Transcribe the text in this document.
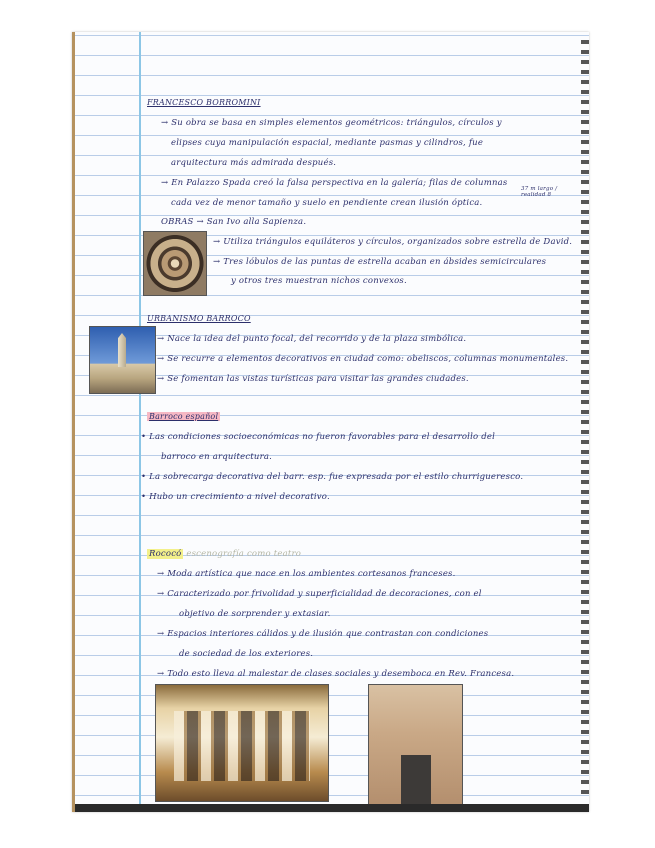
FRANCESCO BORROMINI
→ Su obra se basa en simples elementos geométricos: triángulos, círculos y
elipses cuya manipulación espacial, mediante pasmas y cilindros, fue
arquitectura más admirada después.
→ En Palazzo Spada creó la falsa perspectiva en la galería; filas de columnas
cada vez de menor tamaño y suelo en pendiente crean ilusión óptica.
37 m largo / realidad 8
OBRAS → San Ivo alla Sapienza.
→ Utiliza triángulos equiláteros y círculos, organizados sobre estrella de David.
→ Tres lóbulos de las puntas de estrella acaban en ábsides semicirculares
y otros tres muestran nichos convexos.
URBANISMO BARROCO
→ Nace la idea del punto focal, del recorrido y de la plaza simbólica.
→ Se recurre a elementos decorativos en ciudad como: obeliscos, columnas monumentales.
→ Se fomentan las vistas turísticas para visitar las grandes ciudades.
Barroco español
• Las condiciones socioeconómicas no fueron favorables para el desarrollo del
barroco en arquitectura.
• La sobrecarga decorativa del barr. esp. fue expresada por el estilo churrigueresco.
• Hubo un crecimiento a nivel decorativo.
Rococó escenografía como teatro
→ Moda artística que nace en los ambientes cortesanos franceses.
→ Caracterizado por frivolidad y superficialidad de decoraciones, con el
objetivo de sorprender y extasiar.
→ Espacios interiores cálidos y de ilusión que contrastan con condiciones
de sociedad de los exteriores.
→ Todo esto lleva al malestar de clases sociales y desemboca en Rev. Francesa.
